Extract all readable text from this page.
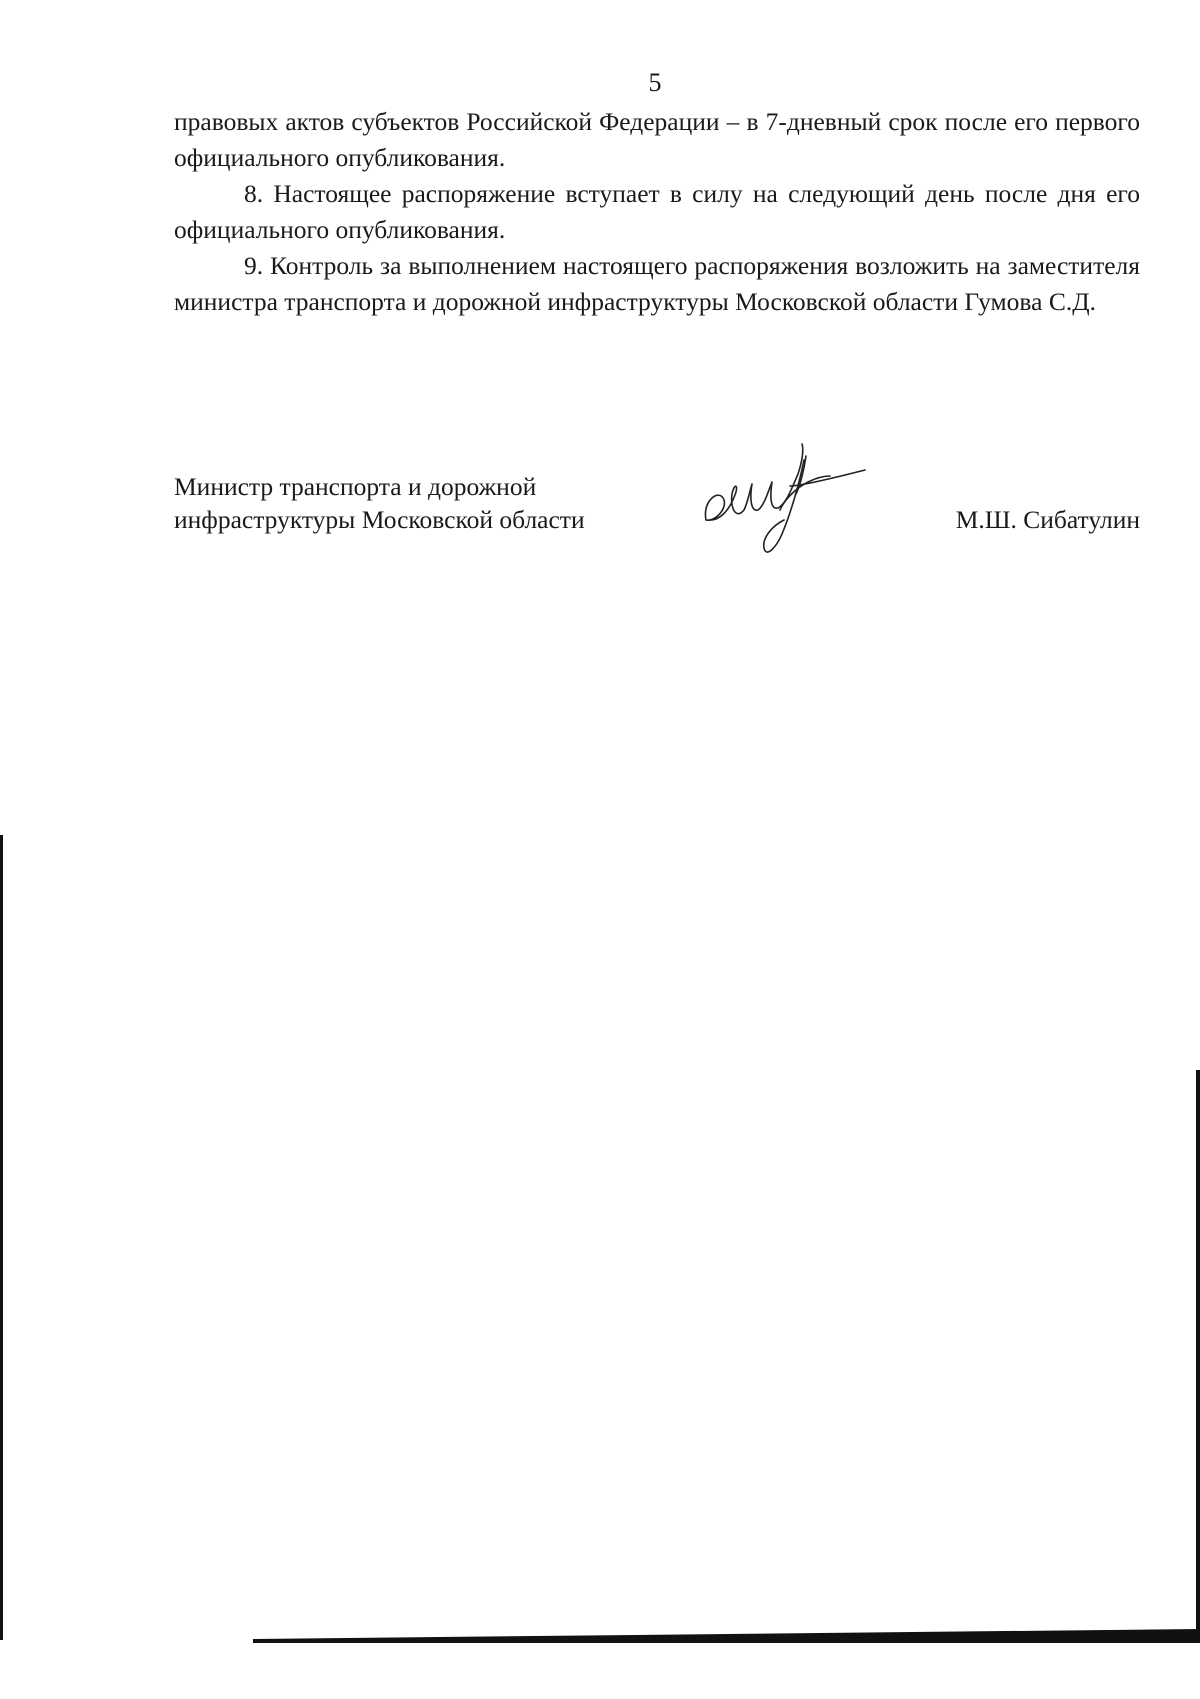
5

правовых актов субъектов Российской Федерации – в 7-дневный срок после его первого официального опубликования.

8. Настоящее распоряжение вступает в силу на следующий день после дня его официального опубликования.

9. Контроль за выполнением настоящего распоряжения возложить на заместителя министра транспорта и дорожной инфраструктуры Московской области Гумова С.Д.

Министр транспорта и дорожной
инфраструктуры Московской области	М.Ш. Сибатулин
